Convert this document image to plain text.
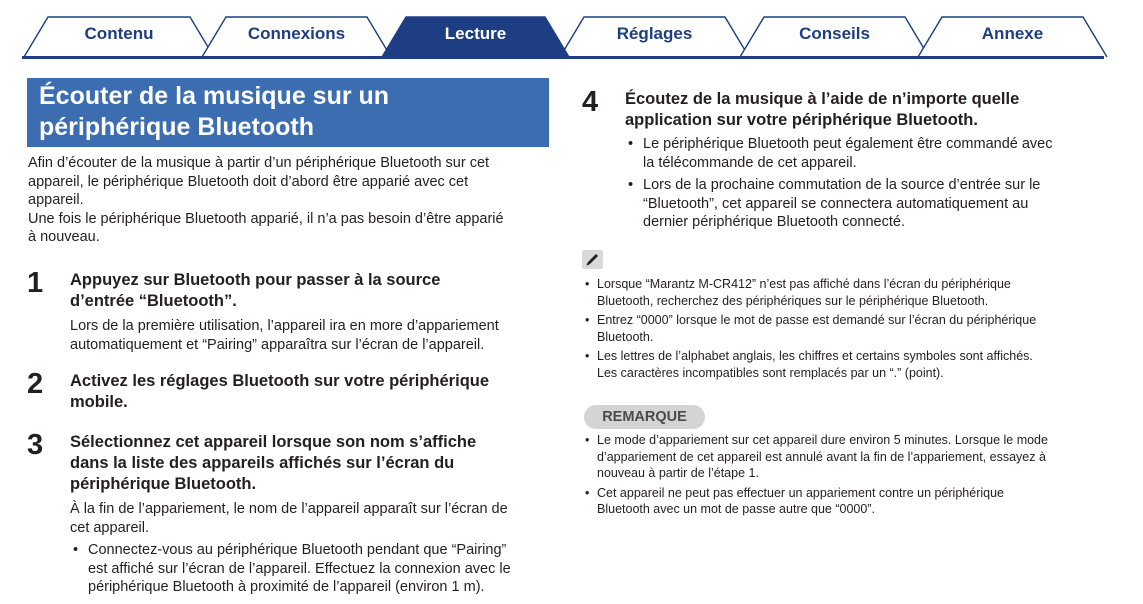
Contenu	Connexions	Lecture	Réglages	Conseils	Annexe
Écouter de la musique sur un
périphérique Bluetooth
Afin d’écouter de la musique à partir d’un périphérique Bluetooth sur cet
appareil, le périphérique Bluetooth doit d’abord être apparié avec cet
appareil.
Une fois le périphérique Bluetooth apparié, il n’a pas besoin d’être apparié
à nouveau.
1 Appuyez sur Bluetooth pour passer à la source
d’entrée “Bluetooth”.
Lors de la première utilisation, l’appareil ira en more d’appariement
automatiquement et “Pairing” apparaîtra sur l’écran de l’appareil.
2 Activez les réglages Bluetooth sur votre périphérique
mobile.
3 Sélectionnez cet appareil lorsque son nom s’affiche
dans la liste des appareils affichés sur l’écran du
périphérique Bluetooth.
À la fin de l’appariement, le nom de l’appareil apparaît sur l’écran de
cet appareil.
• Connectez-vous au périphérique Bluetooth pendant que “Pairing”
est affiché sur l’écran de l’appareil. Effectuez la connexion avec le
périphérique Bluetooth à proximité de l’appareil (environ 1 m).
4 Écoutez de la musique à l’aide de n’importe quelle
application sur votre périphérique Bluetooth.
• Le périphérique Bluetooth peut également être commandé avec
la télécommande de cet appareil.
• Lors de la prochaine commutation de la source d’entrée sur le
“Bluetooth”, cet appareil se connectera automatiquement au
dernier périphérique Bluetooth connecté.
• Lorsque “Marantz M-CR412” n’est pas affiché dans l’écran du périphérique
Bluetooth, recherchez des périphériques sur le périphérique Bluetooth.
• Entrez “0000” lorsque le mot de passe est demandé sur l’écran du périphérique
Bluetooth.
• Les lettres de l’alphabet anglais, les chiffres et certains symboles sont affichés.
Les caractères incompatibles sont remplacés par un “.” (point).
REMARQUE
• Le mode d’appariement sur cet appareil dure environ 5 minutes. Lorsque le mode
d’appariement de cet appareil est annulé avant la fin de l’appariement, essayez à
nouveau à partir de l’étape 1.
• Cet appareil ne peut pas effectuer un appariement contre un périphérique
Bluetooth avec un mot de passe autre que “0000”.
